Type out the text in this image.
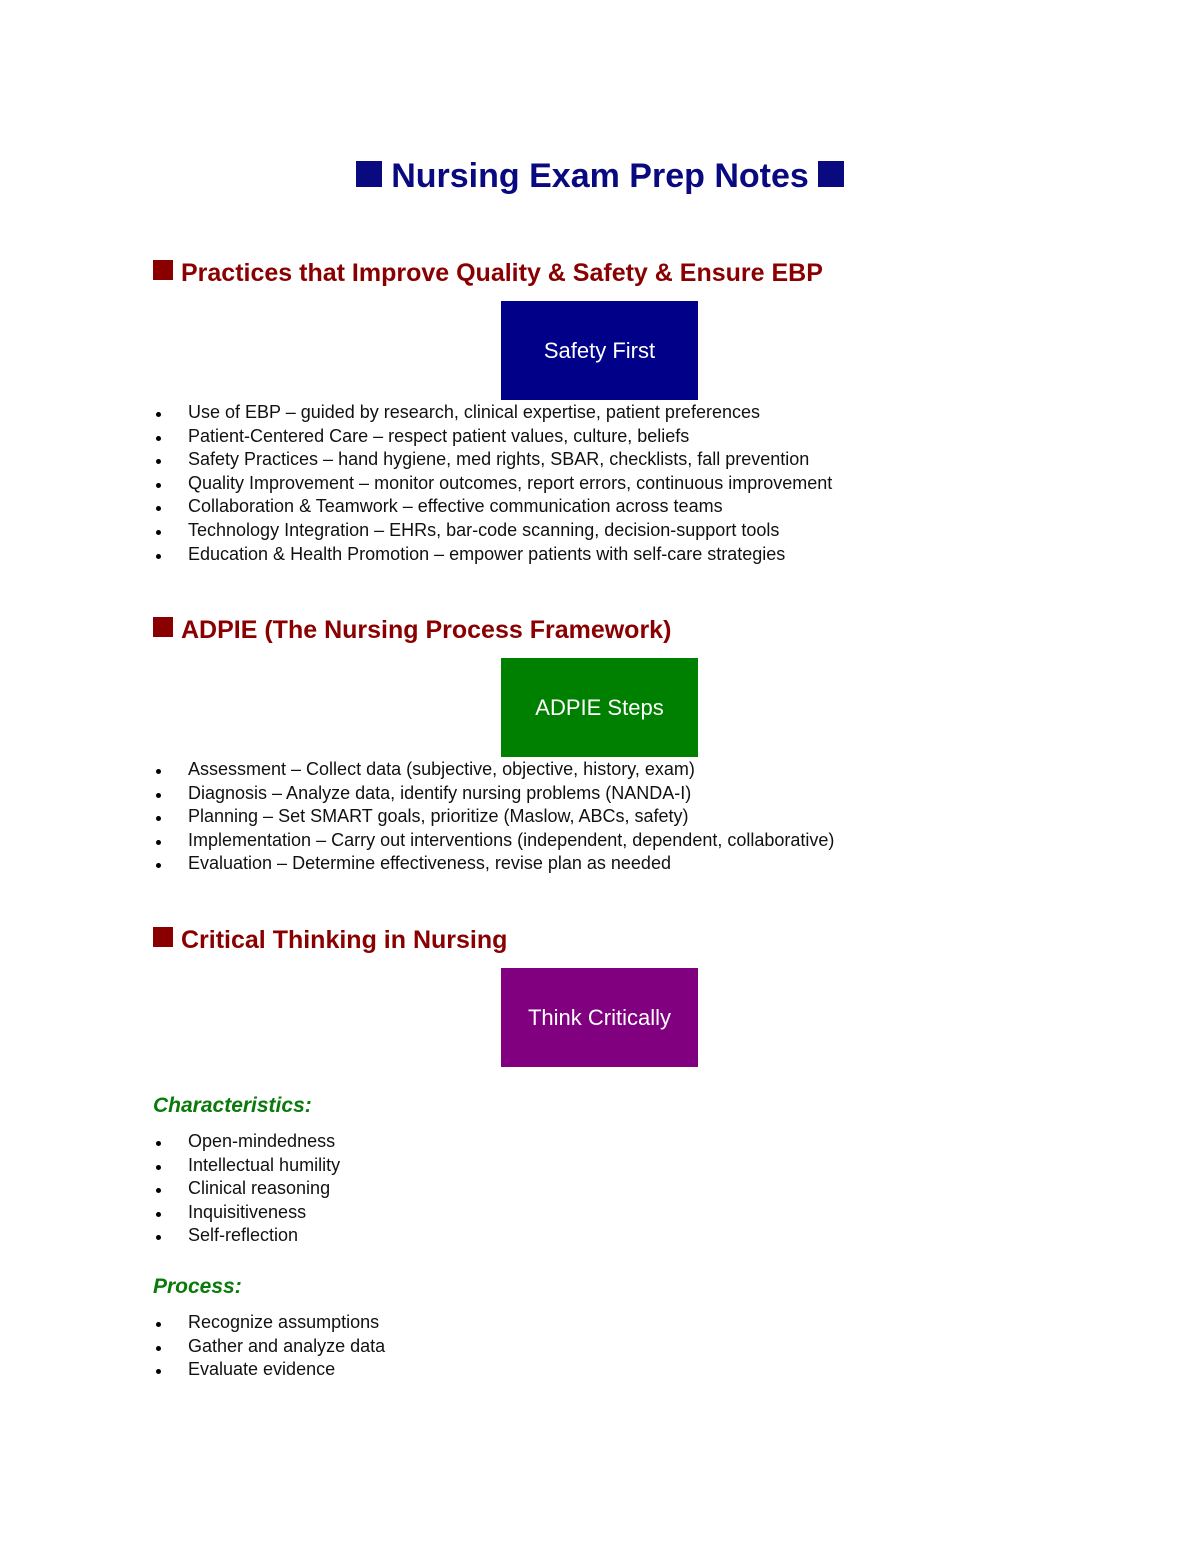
Nursing Exam Prep Notes
Practices that Improve Quality & Safety & Ensure EBP
Safety First
Use of EBP – guided by research, clinical expertise, patient preferences
Patient-Centered Care – respect patient values, culture, beliefs
Safety Practices – hand hygiene, med rights, SBAR, checklists, fall prevention
Quality Improvement – monitor outcomes, report errors, continuous improvement
Collaboration & Teamwork – effective communication across teams
Technology Integration – EHRs, bar-code scanning, decision-support tools
Education & Health Promotion – empower patients with self-care strategies
ADPIE (The Nursing Process Framework)
ADPIE Steps
Assessment – Collect data (subjective, objective, history, exam)
Diagnosis – Analyze data, identify nursing problems (NANDA-I)
Planning – Set SMART goals, prioritize (Maslow, ABCs, safety)
Implementation – Carry out interventions (independent, dependent, collaborative)
Evaluation – Determine effectiveness, revise plan as needed
Critical Thinking in Nursing
Think Critically
Characteristics:
Open-mindedness
Intellectual humility
Clinical reasoning
Inquisitiveness
Self-reflection
Process:
Recognize assumptions
Gather and analyze data
Evaluate evidence
